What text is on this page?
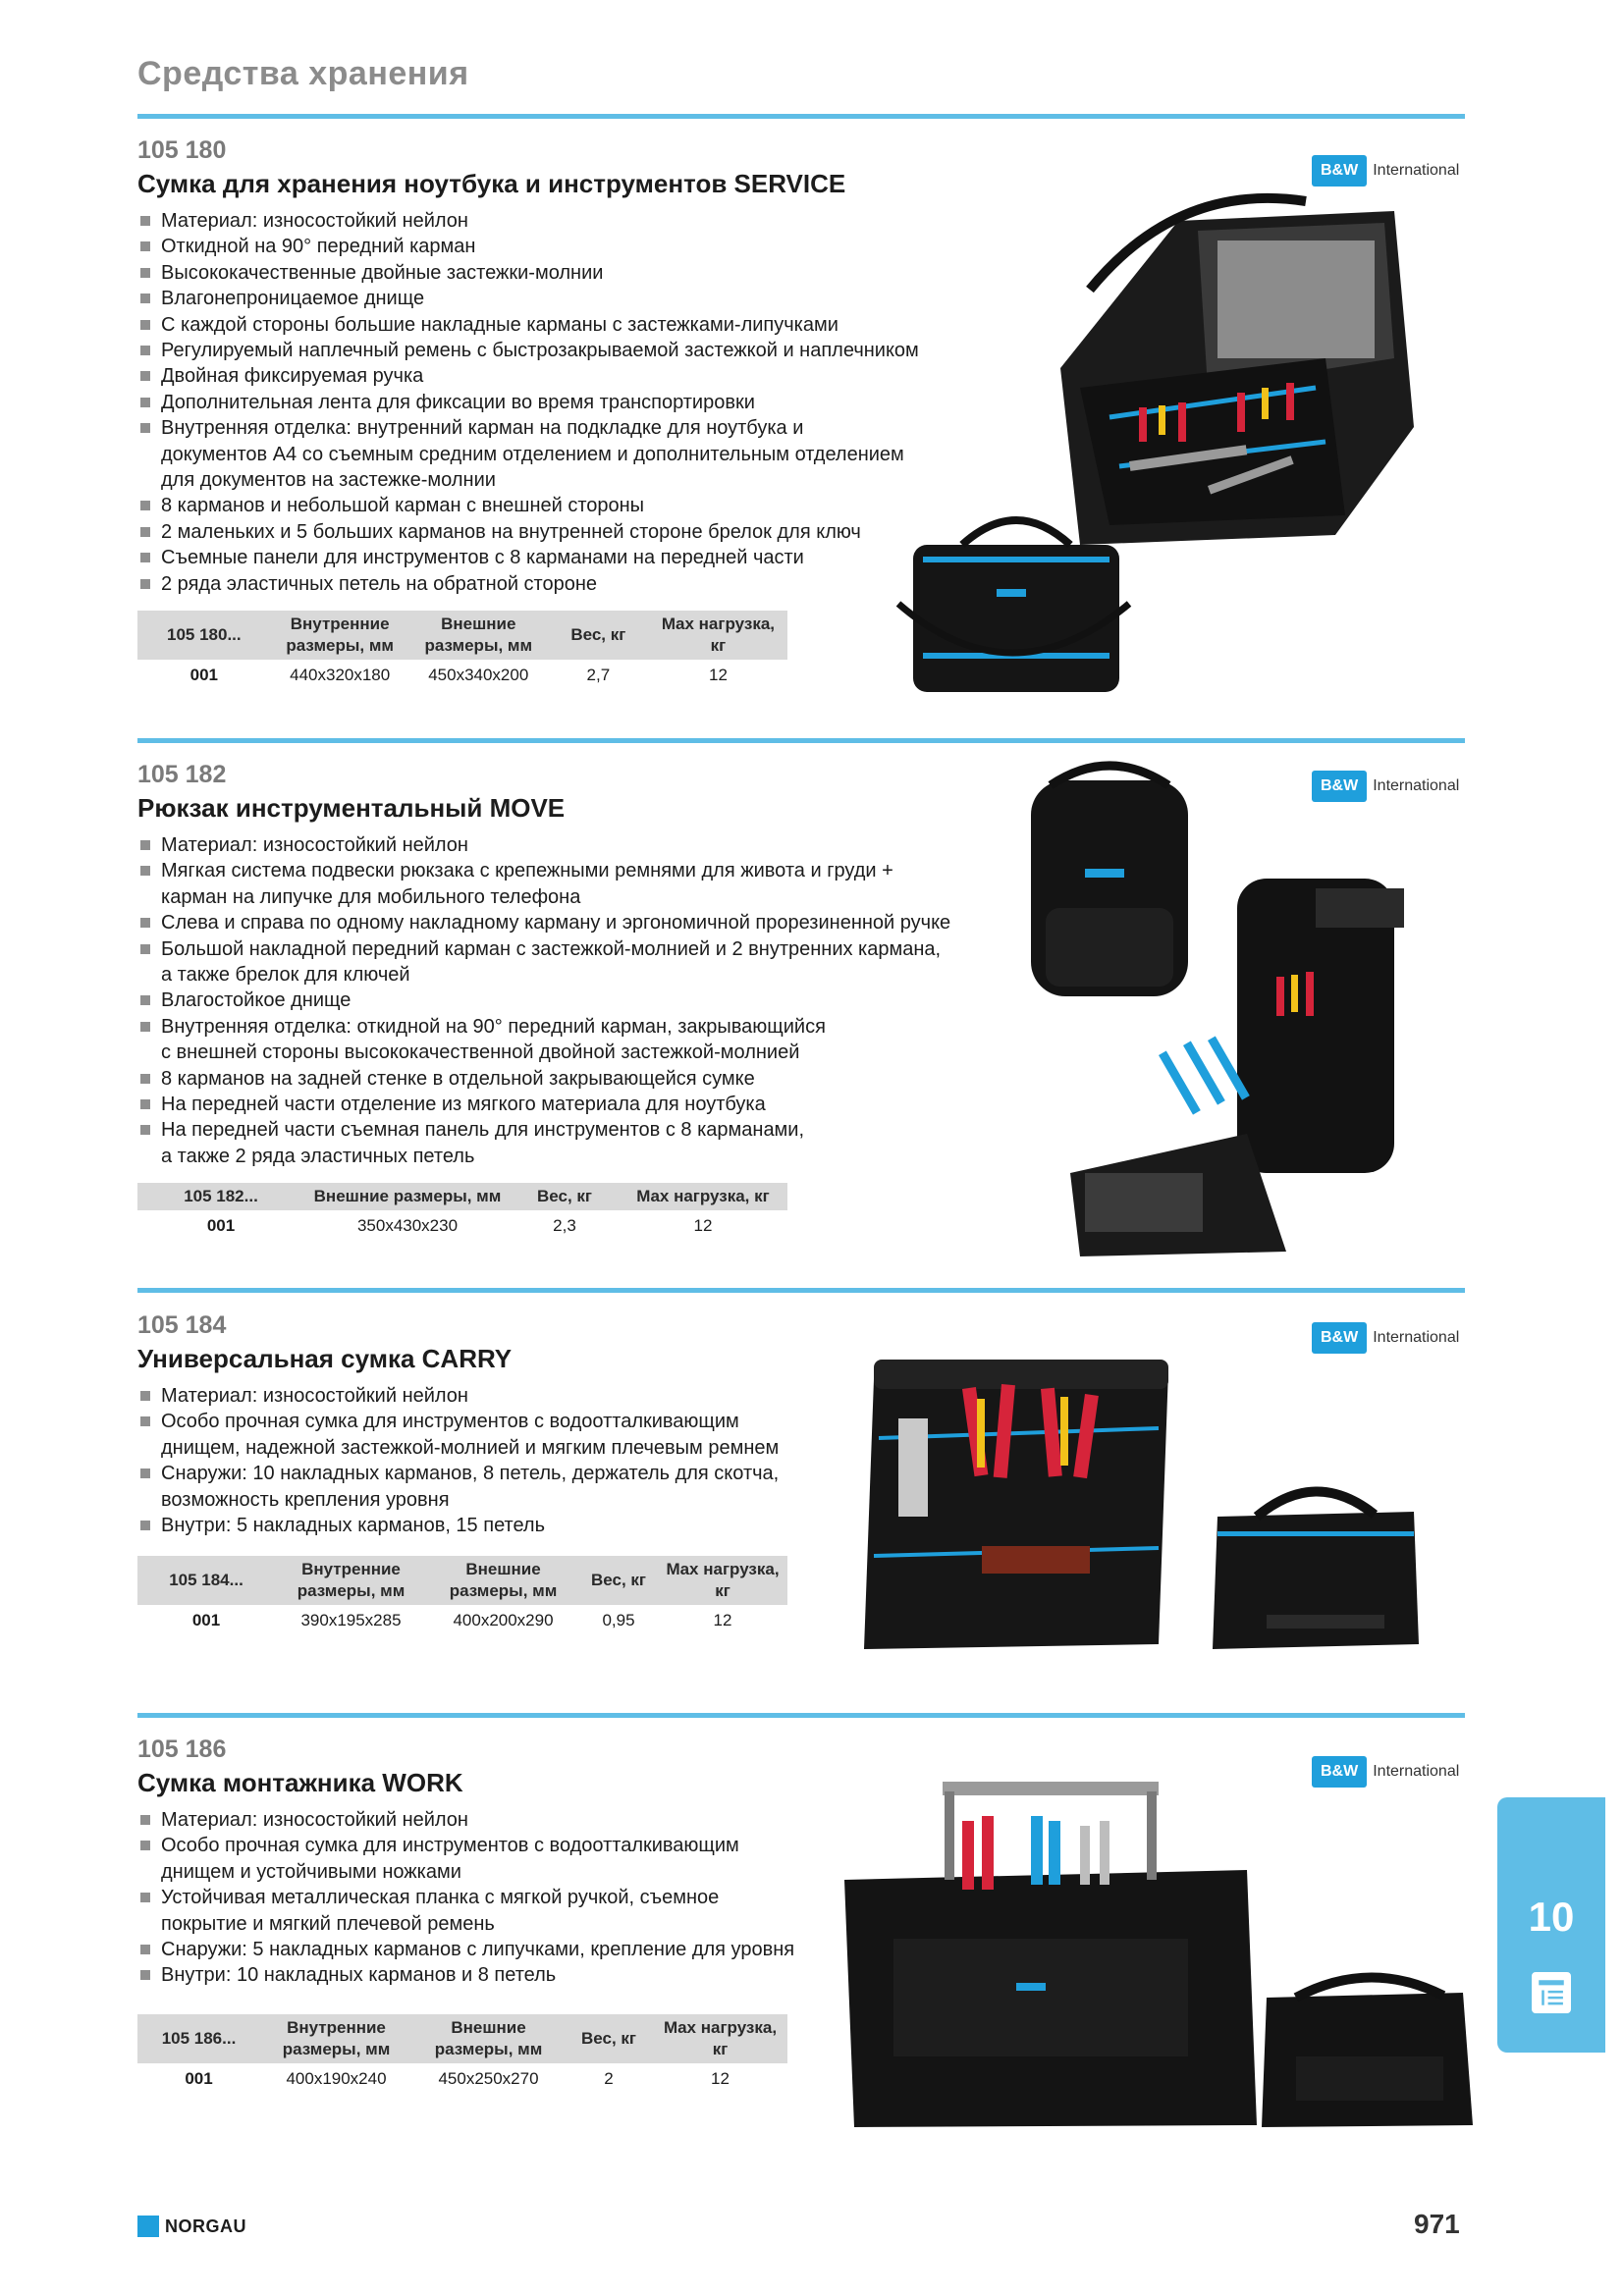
Средства хранения
105 180
Сумка для хранения ноутбука и инструментов SERVICE
Материал: износостойкий нейлон
Откидной на 90° передний карман
Высококачественные двойные застежки-молнии
Влагонепроницаемое днище
С каждой стороны большие накладные карманы с застежками-липучками
Регулируемый наплечный ремень с быстрозакрываемой застежкой и наплечником
Двойная фиксируемая ручка
Дополнительная лента для фиксации во время транспортировки
Внутренняя отделка: внутренний карман на подкладке для ноутбука и
документов А4 со съемным средним отделением и дополнительным отделением
для документов на застежке-молнии
8 карманов и небольшой карман с внешней стороны
2 маленьких и 5 больших карманов на внутренней стороне брелок для ключ
Съемные панели для инструментов с 8 карманами на передней части
2 ряда эластичных петель на обратной стороне
105 180...	Внутренние размеры, мм	Внешние размеры, мм	Вес, кг	Max нагрузка, кг
001	440x320x180	450x340x200	2,7	12
B&W International
105 182
Рюкзак инструментальный MOVE
Материал: износостойкий нейлон
Мягкая система подвески рюкзака с крепежными ремнями для живота и груди +
карман на липучке для мобильного телефона
Слева и справа по одному накладному карману и эргономичной прорезиненной ручке
Большой накладной передний карман с застежкой-молнией и 2 внутренних кармана,
а также брелок для ключей
Влагостойкое днище
Внутренняя отделка: откидной на 90° передний карман, закрывающийся
с внешней стороны высококачественной двойной застежкой-молнией
8 карманов на задней стенке в отдельной закрывающейся сумке
На передней части отделение из мягкого материала для ноутбука
На передней части съемная панель для инструментов с 8 карманами,
а также 2 ряда эластичных петель
105 182...	Внешние размеры, мм	Вес, кг	Max нагрузка, кг
001	350x430x230	2,3	12
B&W International
105 184
Универсальная сумка CARRY
Материал: износостойкий нейлон
Особо прочная сумка для инструментов с водоотталкивающим
днищем, надежной застежкой-молнией и мягким плечевым ремнем
Снаружи: 10 накладных карманов, 8 петель, держатель для скотча,
возможность крепления уровня
Внутри: 5 накладных карманов, 15 петель
105 184...	Внутренние размеры, мм	Внешние размеры, мм	Вес, кг	Max нагрузка, кг
001	390x195x285	400x200x290	0,95	12
B&W International
105 186
Сумка монтажника WORK
Материал: износостойкий нейлон
Особо прочная сумка для инструментов с водоотталкивающим
днищем и устойчивыми ножками
Устойчивая металлическая планка с мягкой ручкой, съемное
покрытие и мягкий плечевой ремень
Снаружи: 5 накладных карманов с липучками, крепление для уровня
Внутри: 10 накладных карманов и 8 петель
105 186...	Внутренние размеры, мм	Внешние размеры, мм	Вес, кг	Max нагрузка, кг
001	400x190x240	450x250x270	2	12
B&W International
10
NORGAU	971
